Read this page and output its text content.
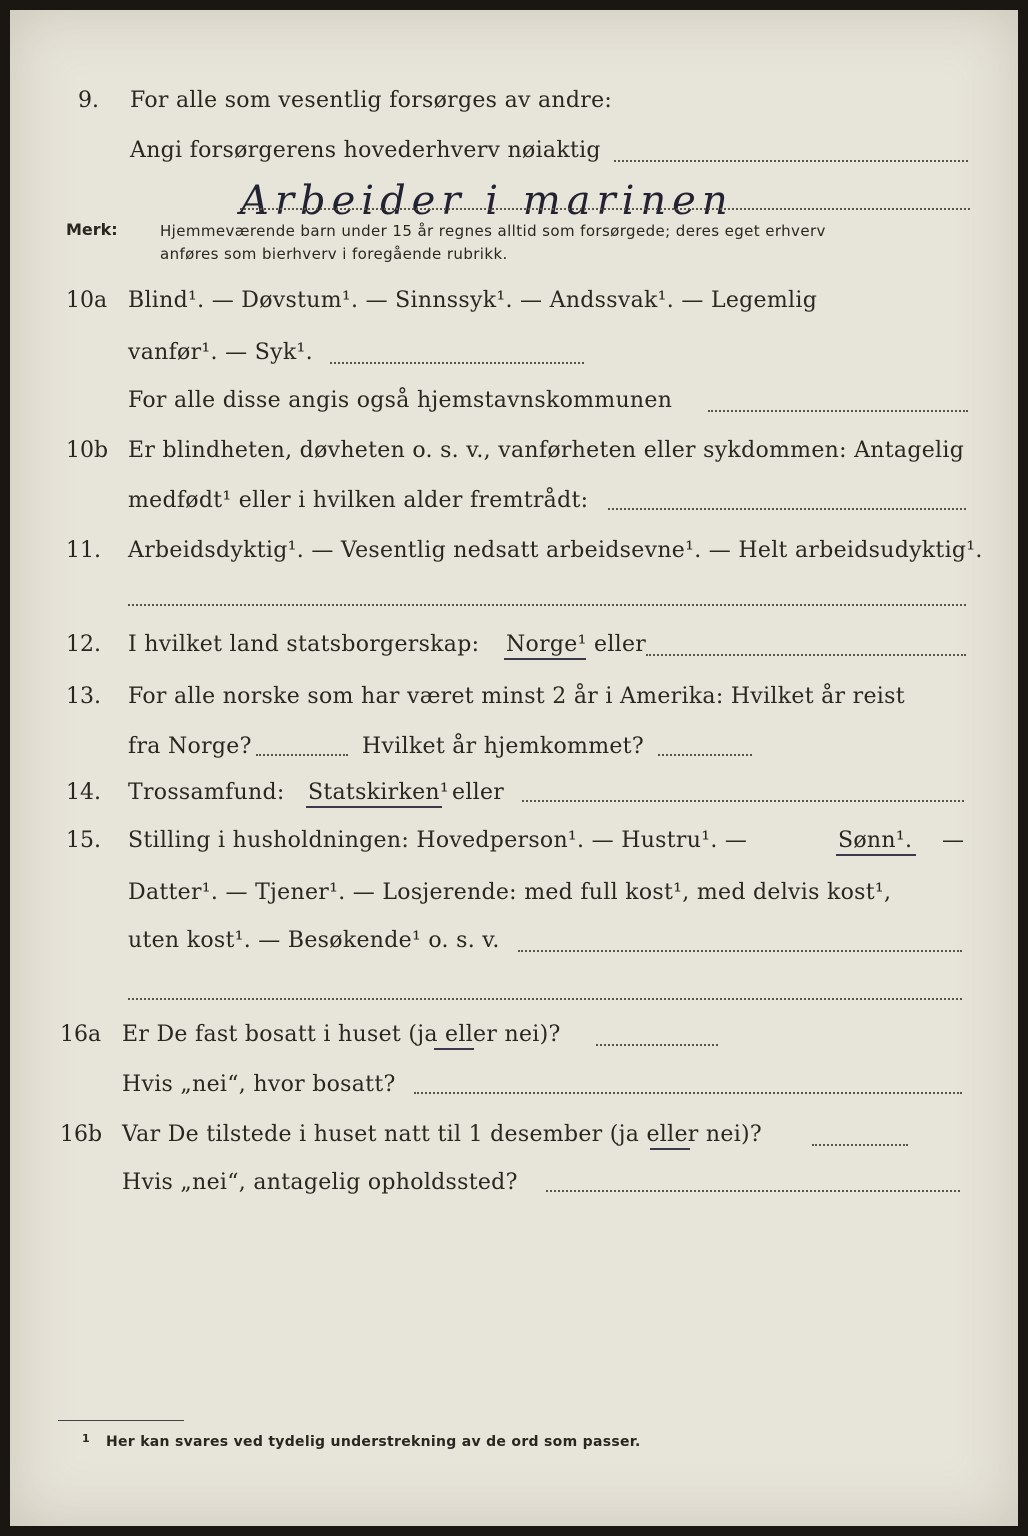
9. For alle som vesentlig forsørges av andre:
Angi forsørgerens hovederhverv nøiaktig
Arbeider i marinen
Merk:	Hjemmeværende barn under 15 år regnes alltid som forsørgede; deres eget erhverv
anføres som bierhverv i foregående rubrikk.
10a Blind¹. — Døvstum¹. — Sinnssyk¹. — Andssvak¹. — Legemlig
vanfør¹. — Syk¹.
For alle disse angis også hjemstavnskommunen
10b Er blindheten, døvheten o. s. v., vanførheten eller sykdommen: Antagelig
medfødt¹ eller i hvilken alder fremtrådt:
11. Arbeidsdyktig¹. — Vesentlig nedsatt arbeidsevne¹. — Helt arbeidsudyktig¹.
12. I hvilket land statsborgerskap: Norge¹ eller
13. For alle norske som har været minst 2 år i Amerika: Hvilket år reist
fra Norge?	Hvilket år hjemkommet?
14. Trossamfund: Statskirken¹ eller
15. Stilling i husholdningen: Hovedperson¹. — Hustru¹. —	Sønn¹. —
Datter¹. — Tjener¹. — Losjerende: med full kost¹, med delvis kost¹,
uten kost¹. — Besøkende¹ o. s. v.
16a Er De fast bosatt i huset (ja eller nei)?
Hvis „nei“, hvor bosatt?
16b Var De tilstede i huset natt til 1 desember (ja eller nei)?
Hvis „nei“, antagelig opholdssted?
1 Her kan svares ved tydelig understrekning av de ord som passer.
